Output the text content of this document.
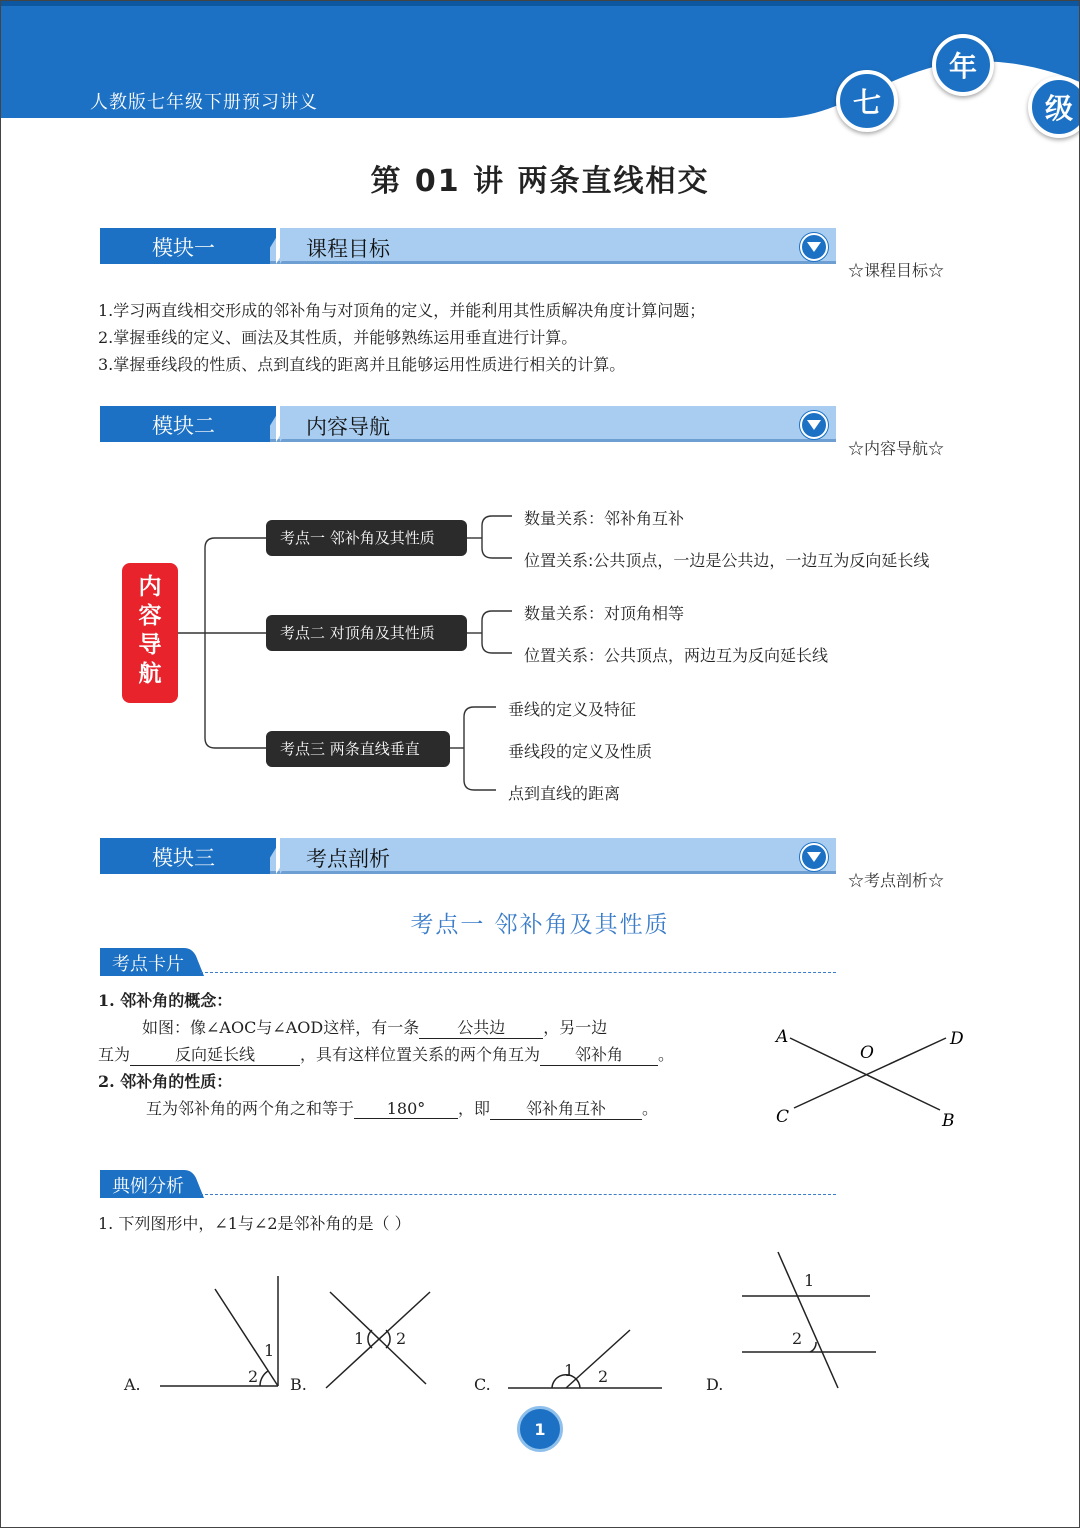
人教版七年级下册预习讲义	七
年
级
第 01 讲 两条直线相交
模块一	课程目标
☆课程目标☆
1.学习两直线相交形成的邻补角与对顶角的定义，并能利用其性质解决角度计算问题；
2.掌握垂线的定义、画法及其性质，并能够熟练运用垂直进行计算。
3.掌握垂线段的性质、点到直线的距离并且能够运用性质进行相关的计算。
模块二	内容导航
☆内容导航☆
内
容
导
航
考点一 邻补角及其性质
考点二 对顶角及其性质
考点三 两条直线垂直
数量关系：邻补角互补
位置关系:公共顶点，一边是公共边，一边互为反向延长线
数量关系：对顶角相等
位置关系：公共顶点，两边互为反向延长线
垂线的定义及特征
垂线段的定义及性质
点到直线的距离
模块三	考点剖析
☆考点剖析☆
考点一 邻补角及其性质
考点卡片
1. 邻补角的概念：
如图：像∠AOC与∠AOD这样，有一条 公共边 ，另一边
互为	反向延长线	，具有这样位置关系的两个角互为 邻补角 。
2. 邻补角的性质：
互为邻补角的两个角之和等于 180° ，即 邻补角互补 。
A	D
O
C	B
典例分析
1. 下列图形中，∠1与∠2是邻补角的是（ ）
A.
1
2 B.
1 2
C.
1 2	D.
1
2
1
